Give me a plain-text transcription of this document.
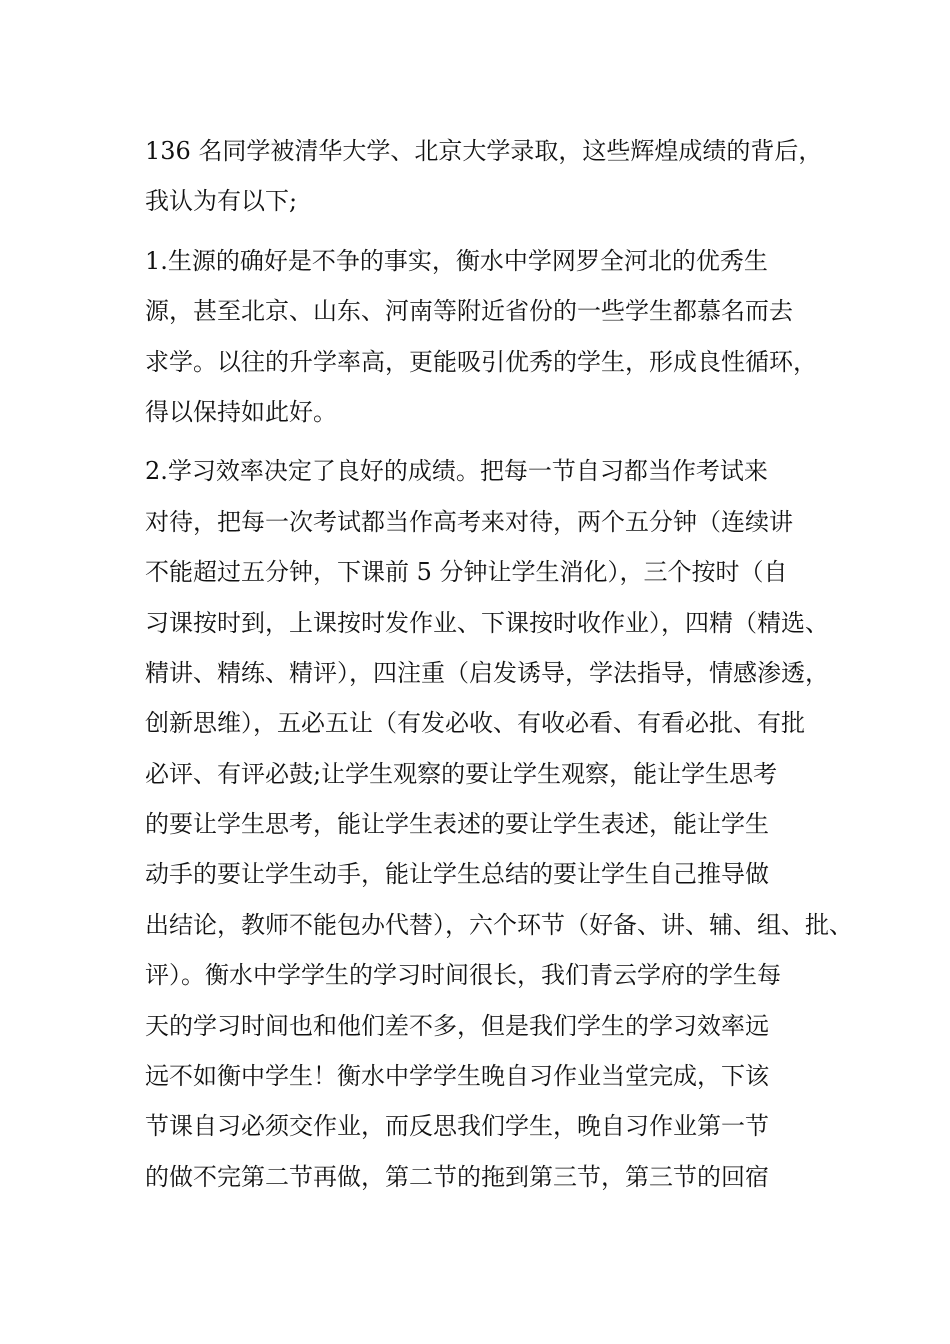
136 名同学被清华大学、北京大学录取，这些辉煌成绩的背后，
我认为有以下;
1.生源的确好是不争的事实，衡水中学网罗全河北的优秀生
源，甚至北京、山东、河南等附近省份的一些学生都慕名而去
求学。以往的升学率高，更能吸引优秀的学生，形成良性循环，
得以保持如此好。
2.学习效率决定了良好的成绩。把每一节自习都当作考试来
对待，把每一次考试都当作高考来对待，两个五分钟（连续讲
不能超过五分钟，下课前 5 分钟让学生消化），三个按时（自
习课按时到，上课按时发作业、下课按时收作业），四精（精选、
精讲、精练、精评），四注重（启发诱导，学法指导，情感渗透，
创新思维），五必五让（有发必收、有收必看、有看必批、有批
必评、有评必鼓;让学生观察的要让学生观察，能让学生思考
的要让学生思考，能让学生表述的要让学生表述，能让学生
动手的要让学生动手，能让学生总结的要让学生自己推导做
出结论，教师不能包办代替），六个环节（好备、讲、辅、组、批、
评）。衡水中学学生的学习时间很长，我们青云学府的学生每
天的学习时间也和他们差不多，但是我们学生的学习效率远
远不如衡中学生！衡水中学学生晚自习作业当堂完成，下该
节课自习必须交作业，而反思我们学生，晚自习作业第一节
的做不完第二节再做，第二节的拖到第三节，第三节的回宿
